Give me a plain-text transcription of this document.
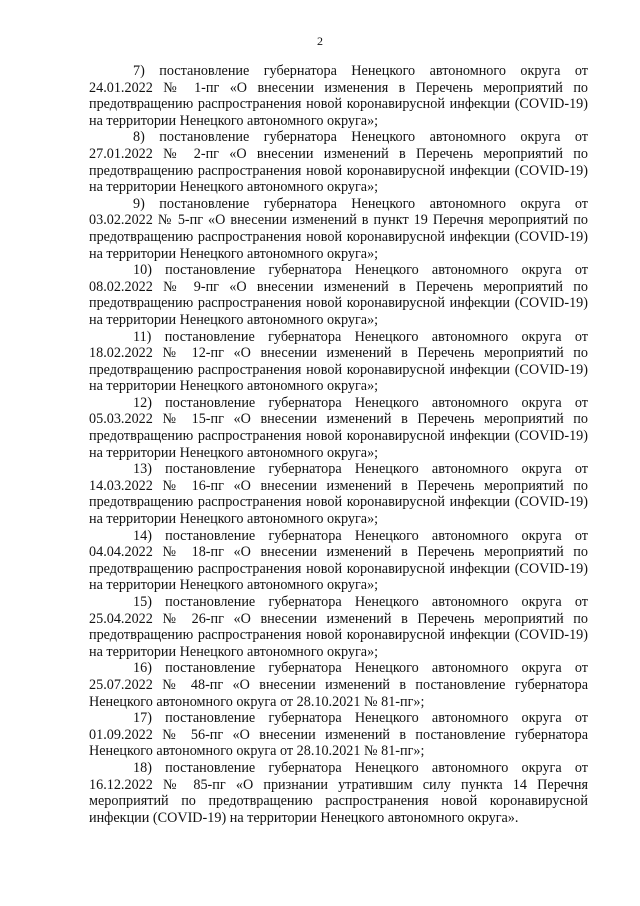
2

7) постановление губернатора Ненецкого автономного округа от 24.01.2022 № 1-пг «О внесении изменения в Перечень мероприятий по предотвращению распространения новой коронавирусной инфекции (COVID-19) на территории Ненецкого автономного округа»;

8) постановление губернатора Ненецкого автономного округа от 27.01.2022 № 2-пг «О внесении изменений в Перечень мероприятий по предотвращению распространения новой коронавирусной инфекции (COVID-19) на территории Ненецкого автономного округа»;

9) постановление губернатора Ненецкого автономного округа от 03.02.2022 № 5-пг «О внесении изменений в пункт 19 Перечня мероприятий по предотвращению распространения новой коронавирусной инфекции (COVID-19) на территории Ненецкого автономного округа»;

10) постановление губернатора Ненецкого автономного округа от 08.02.2022 № 9-пг «О внесении изменений в Перечень мероприятий по предотвращению распространения новой коронавирусной инфекции (COVID-19) на территории Ненецкого автономного округа»;

11) постановление губернатора Ненецкого автономного округа от 18.02.2022 № 12-пг «О внесении изменений в Перечень мероприятий по предотвращению распространения новой коронавирусной инфекции (COVID-19) на территории Ненецкого автономного округа»;

12) постановление губернатора Ненецкого автономного округа от 05.03.2022 № 15-пг «О внесении изменений в Перечень мероприятий по предотвращению распространения новой коронавирусной инфекции (COVID-19) на территории Ненецкого автономного округа»;

13) постановление губернатора Ненецкого автономного округа от 14.03.2022 № 16-пг «О внесении изменений в Перечень мероприятий по предотвращению распространения новой коронавирусной инфекции (COVID-19) на территории Ненецкого автономного округа»;

14) постановление губернатора Ненецкого автономного округа от 04.04.2022 № 18-пг «О внесении изменений в Перечень мероприятий по предотвращению распространения новой коронавирусной инфекции (COVID-19) на территории Ненецкого автономного округа»;

15) постановление губернатора Ненецкого автономного округа от 25.04.2022 № 26-пг «О внесении изменений в Перечень мероприятий по предотвращению распространения новой коронавирусной инфекции (COVID-19) на территории Ненецкого автономного округа»;

16) постановление губернатора Ненецкого автономного округа от 25.07.2022 № 48-пг «О внесении изменений в постановление губернатора Ненецкого автономного округа от 28.10.2021 № 81-пг»;

17) постановление губернатора Ненецкого автономного округа от 01.09.2022 № 56-пг «О внесении изменений в постановление губернатора Ненецкого автономного округа от 28.10.2021 № 81-пг»;

18) постановление губернатора Ненецкого автономного округа от 16.12.2022 № 85-пг «О признании утратившим силу пункта 14 Перечня мероприятий по предотвращению распространения новой коронавирусной инфекции (COVID-19) на территории Ненецкого автономного округа».
